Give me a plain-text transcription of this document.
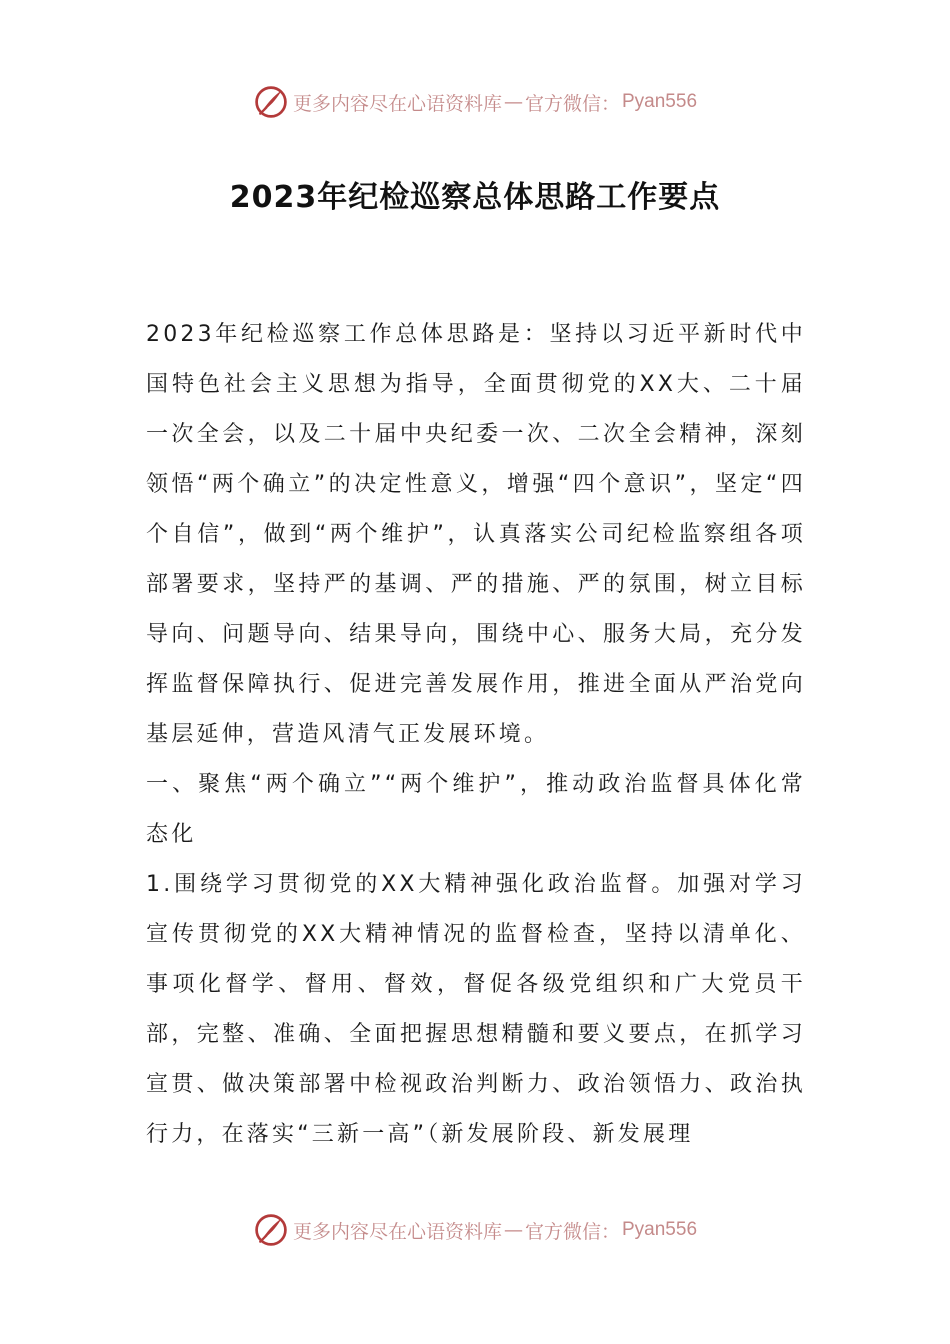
更多内容尽在心语资料库 — 官方微信： Pyan556
2023年纪检巡察总体思路工作要点

2023年纪检巡察工作总体思路是：坚持以习近平新时代中国特色社会主义思想为指导，全面贯彻党的XX大、二十届一次全会，以及二十届中央纪委一次、二次全会精神，深刻领悟“两个确立”的决定性意义，增强“四个意识”，坚定“四个自信”，做到“两个维护”，认真落实公司纪检监察组各项部署要求，坚持严的基调、严的措施、严的氛围，树立目标导向、问题导向、结果导向，围绕中心、服务大局，充分发挥监督保障执行、促进完善发展作用，推进全面从严治党向基层延伸，营造风清气正发展环境。

一、聚焦“两个确立”“两个维护”，推动政治监督具体化常态化

1.围绕学习贯彻党的XX大精神强化政治监督。加强对学习宣传贯彻党的XX大精神情况的监督检查，坚持以清单化、事项化督学、督用、督效，督促各级党组织和广大党员干部，完整、准确、全面把握思想精髓和要义要点，在抓学习宣贯、做决策部署中检视政治判断力、政治领悟力、政治执行力，在落实“三新一高”（新发展阶段、新发展理

更多内容尽在心语资料库 — 官方微信： Pyan556
